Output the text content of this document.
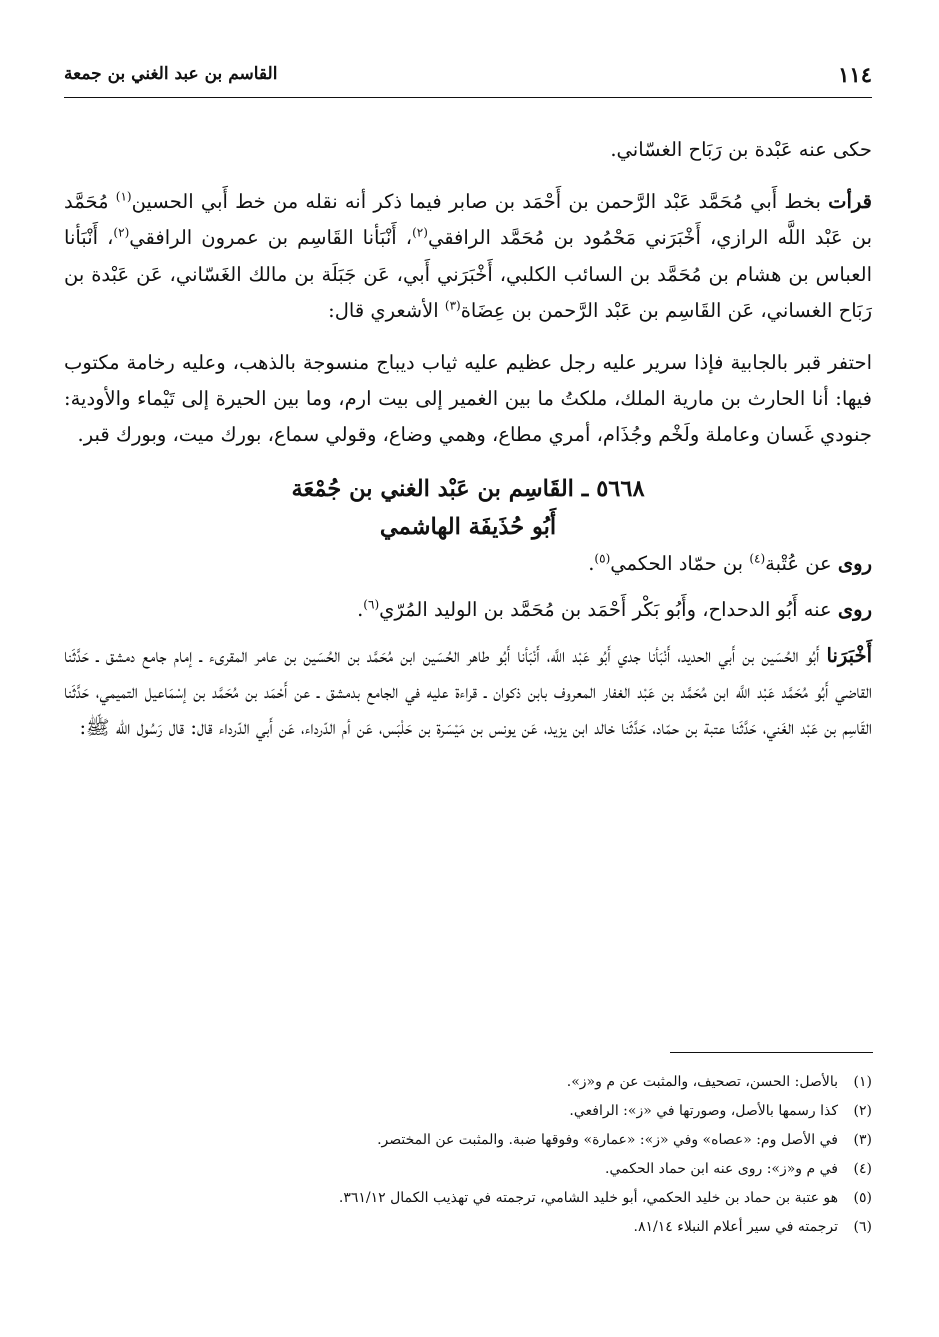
١١٤
القاسم بن عبد الغني بن جمعة

حكى عنه عَبْدة بن رَبَاح الغسّاني.

قرأت بخط أَبي مُحَمَّد عَبْد الرَّحمن بن أَحْمَد بن صابر فيما ذكر أنه نقله من خط أَبي الحسين$^{(١)}$ مُحَمَّد بن عَبْد اللَّه الرازي، أَخْبَرَني مَحْمُود بن مُحَمَّد الرافقي$^{(٢)}$، أَنْبَأنا القَاسِم بن عمرون الرافقي$^{(٢)}$، أَنْبَأنا العباس بن هشام بن مُحَمَّد بن السائب الكلبي، أَخْبَرَني أَبي، عَن جَبَلَة بن مالك الغَسّاني، عَن عَبْدة بن رَبَاح الغساني، عَن القَاسِم بن عَبْد الرَّحمن بن عِضَاة$^{(٣)}$ الأشعري قال:

احتفر قبر بالجابية فإذا سرير عليه رجل عظيم عليه ثياب ديباج منسوجة بالذهب، وعليه رخامة مكتوب فيها: أنا الحارث بن مارية الملك، ملكتُ ما بين الغمير إلى بيت ارم، وما بين الحيرة إلى تَيْماء والأودية: جنودي غَسان وعاملة ولَخْم وجُذَام، أمري مطاع، وهمي وضاع، وقولي سماع، بورك ميت، وبورك قبر.

٥٦٦٨ ـ القَاسِم بن عَبْد الغني بن جُمْعَة

أَبُو حُذَيفَة الهاشمي

روى عن عُتْبة$^{(٤)}$ بن حمّاد الحكمي$^{(٥)}$.

روى عنه أَبُو الدحداح، وأَبُو بَكْر أَحْمَد بن مُحَمَّد بن الوليد المُرّي$^{(٦)}$.

أَخْبَرَنا أَبُو الحُسَين بن أَبي الحديد، أَنْبَأنا جدي أَبُو عَبْد اللَّه، أَنْبَأنا أَبُو طاهر الحُسَين ابن مُحَمَّد بن الحُسَين بن عامر المقرىء ـ إمام جامع دمشق ـ حَدَّثَنا القاضي أَبُو مُحَمَّد عَبْد اللَّه ابن مُحَمَّد بن عَبْد الغفار المعروف بابن ذكوان ـ قراءة عليه في الجامع بدمشق ـ عن أَحْمَد بن مُحَمَّد بن إسْمَاعيل التميمي، حَدَّثَنا القَاسِم بن عَبْد الغَني، حَدَّثَنا عتبة بن حمّاد، حَدَّثَنا خالد ابن يزيد، عَن يونس بن مَيْسَرة بن حَلْبَس، عَن أم الدّرداء، عَن أَبي الدّرداء قال: قال رَسُول الله ﷺ:

(١)بالأصل: الحسن، تصحيف، والمثبت عن م و«ز».

(٢)كذا رسمها بالأصل، وصورتها في «ز»: الرافعي.

(٣)في الأصل وم: «عصاه» وفي «ز»: «عمارة» وفوقها ضبة. والمثبت عن المختصر.

(٤)في م و«ز»: روى عنه ابن حماد الحكمي.

(٥)هو عتبة بن حماد بن خليد الحكمي، أبو خليد الشامي، ترجمته في تهذيب الكمال ٣٦١/١٢.

(٦)ترجمته في سير أعلام النبلاء ٨١/١٤.
